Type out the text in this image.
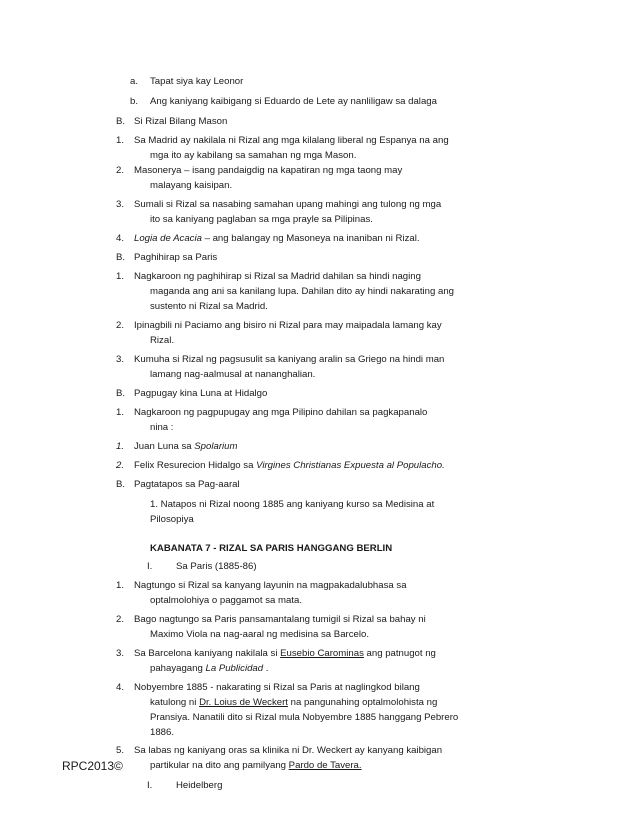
a. Tapat siya kay Leonor
b. Ang kaniyang kaibigang si Eduardo de Lete ay nanliligaw sa dalaga
B. Si Rizal Bilang Mason
1. Sa Madrid ay nakilala ni Rizal ang mga kilalang liberal ng Espanya na ang
mga ito ay kabilang sa samahan ng mga Mason.
2. Masonerya – isang pandaigdig na kapatiran ng mga taong may
malayang kaisipan.
3. Sumali si Rizal sa nasabing samahan upang mahingi ang tulong ng mga
ito sa kaniyang paglaban sa mga prayle sa Pilipinas.
4. Logia de Acacia – ang balangay ng Masoneya na inaniban ni Rizal.
B. Paghihirap sa Paris
1. Nagkaroon ng paghihirap si Rizal sa Madrid dahilan sa hindi naging
maganda ang ani sa kanilang lupa. Dahilan dito ay hindi nakarating ang
sustento ni Rizal sa Madrid.
2. Ipinagbili ni Paciamo ang bisiro ni Rizal para may maipadala lamang kay
Rizal.
3. Kumuha si Rizal ng pagsusulit sa kaniyang aralin sa Griego na hindi man
lamang nag-aalmusal at nananghalian.
B. Pagpugay kina Luna at Hidalgo
1. Nagkaroon ng pagpupugay ang mga Pilipino dahilan sa pagkapanalo
nina :
1. Juan Luna sa Spolarium
2. Felix Resurecion Hidalgo sa Virgines Christianas Expuesta al Populacho.
B. Pagtatapos sa Pag-aaral
1. Natapos ni Rizal noong 1885 ang kaniyang kurso sa Medisina at
Pilosopiya
KABANATA 7 - RIZAL SA PARIS HANGGANG BERLIN
I. Sa Paris (1885-86)
1. Nagtungo si Rizal sa kanyang layunin na magpakadalubhasa sa
optalmolohiya o paggamot sa mata.
2. Bago nagtungo sa Paris pansamantalang tumigil si Rizal sa bahay ni
Maximo Viola na nag-aaral ng medisina sa Barcelo.
3. Sa Barcelona kaniyang nakilala si Eusebio Carominas ang patnugot ng
pahayagang La Publicidad .
4. Nobyembre 1885 - nakarating si Rizal sa Paris at naglingkod bilang
katulong ni Dr. Loius de Weckert na pangunahing optalmolohista ng
Pransiya. Nanatili dito si Rizal mula Nobyembre 1885 hanggang Pebrero
1886.
5. Sa labas ng kaniyang oras sa klinika ni Dr. Weckert ay kanyang kaibigan
partikular na dito ang pamilyang Pardo de Tavera.
I. Heidelberg
RPC2013©
